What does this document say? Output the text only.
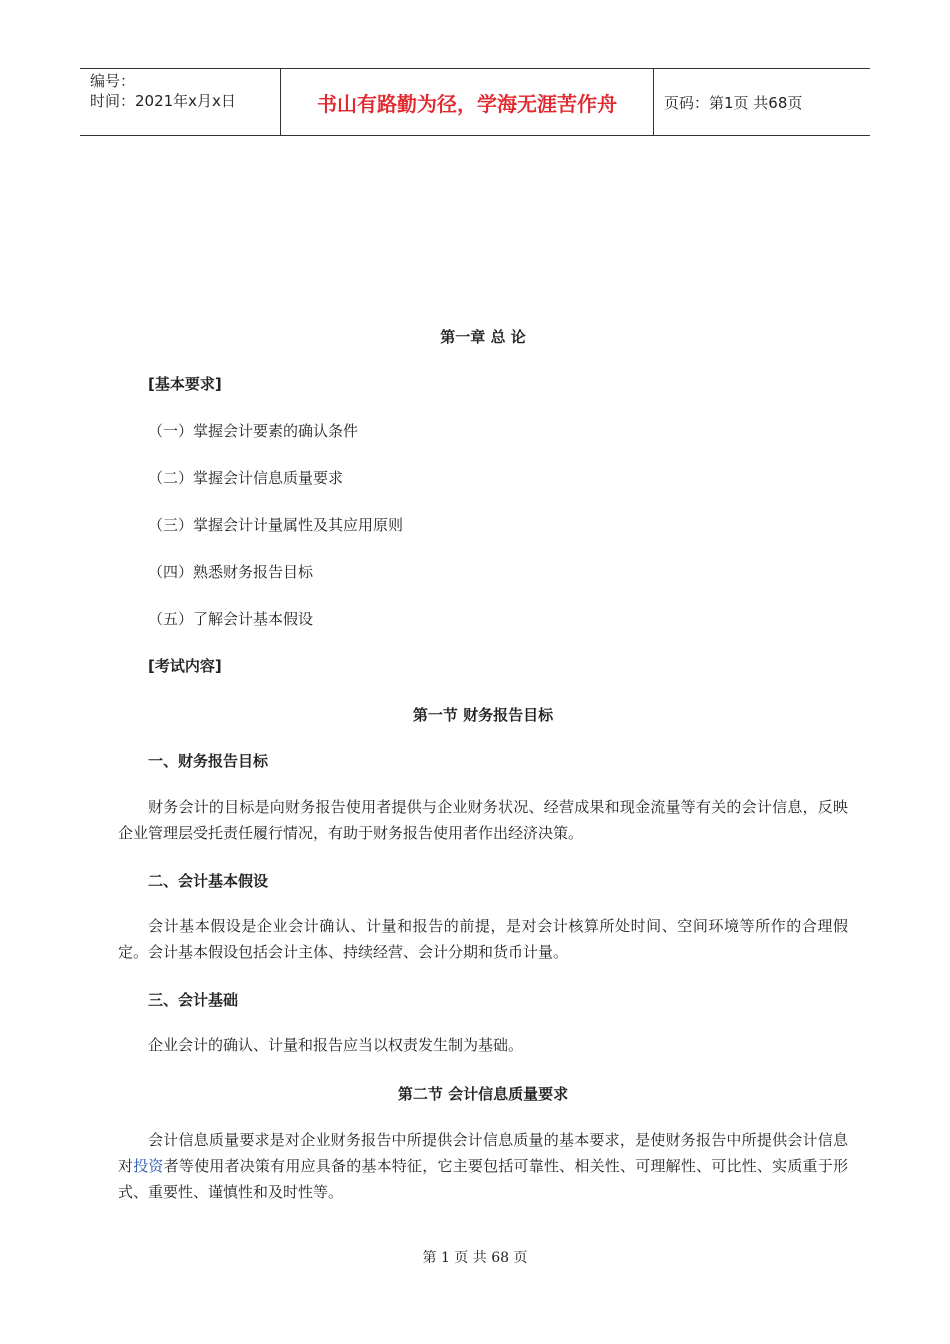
编号：
时间：2021年x月x日	书山有路勤为径，学海无涯苦作舟	页码：第1页 共68页
第一章 总 论
[基本要求]
（一）掌握会计要素的确认条件
（二）掌握会计信息质量要求
（三）掌握会计计量属性及其应用原则
（四）熟悉财务报告目标
（五）了解会计基本假设
[考试内容]
第一节 财务报告目标
一、财务报告目标
财务会计的目标是向财务报告使用者提供与企业财务状况、经营成果和现金流量等有关的会计信息，反映企业管理层受托责任履行情况，有助于财务报告使用者作出经济决策。
二、会计基本假设
会计基本假设是企业会计确认、计量和报告的前提，是对会计核算所处时间、空间环境等所作的合理假定。会计基本假设包括会计主体、持续经营、会计分期和货币计量。
三、会计基础
企业会计的确认、计量和报告应当以权责发生制为基础。
第二节 会计信息质量要求
会计信息质量要求是对企业财务报告中所提供会计信息质量的基本要求，是使财务报告中所提供会计信息对投资者等使用者决策有用应具备的基本特征，它主要包括可靠性、相关性、可理解性、可比性、实质重于形式、重要性、谨慎性和及时性等。
第 1 页 共 68 页
